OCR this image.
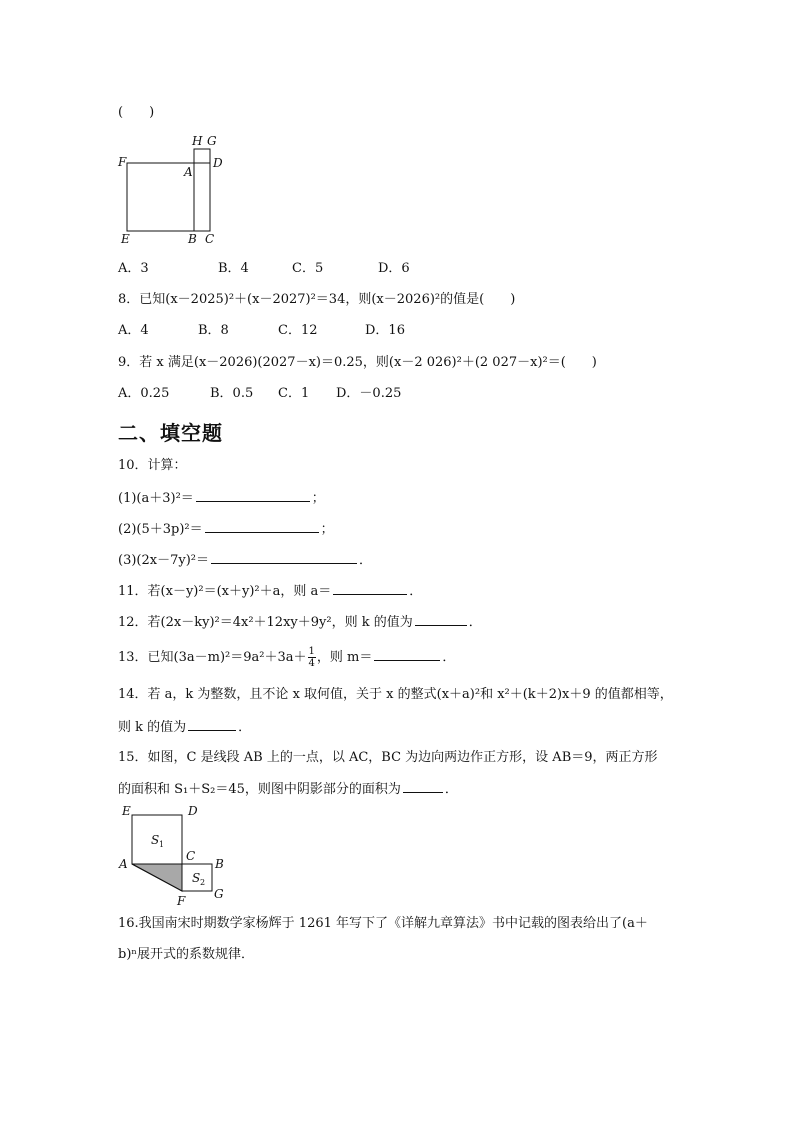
(　　)
H G
F
A
D
E	B C
A．3	B．4	C．5	D．6
8．已知(x－2025)²＋(x－2027)²＝34，则(x－2026)²的值是(　　)
A．4	B．8	C．12	D．16
9．若 x 满足(x－2026)(2027－x)＝0.25，则(x－2 026)²＋(2 027－x)²＝(　　)
A．0.25	B．0.5 C．1 D．－0.25
二、填空题
10．计算：
(1)(a＋3)²＝	；
(2)(5＋3p)²＝	；
(3)(2x－7y)²＝	．
11．若(x－y)²＝(x＋y)²＋a，则 a＝	．
12．若(2x－ky)²＝4x²＋12xy＋9y²，则 k 的值为	．
13．已知$(3a-m)^2=9a^2+3a+ \frac{1}{4}$ ，则 m＝	．
14．若 a，k 为整数，且不论 x 取何值，关于 x 的整式(x＋a)²和 x²＋(k＋2)x＋9 的值都相等，
则 k 的值为	．
15．如图，C 是线段 AB 上的一点，以 AC，BC 为边向两边作正方形，设 AB＝9，两正方形
的面积和 S₁＋S₂＝45，则图中阴影部分的面积为	．
E	D
S 1
A
C
B
S 2
F G
16.我国南宋时期数学家杨辉于 1261 年写下了《详解九章算法》书中记载的图表给出了(a＋
b)ⁿ展开式的系数规律．
